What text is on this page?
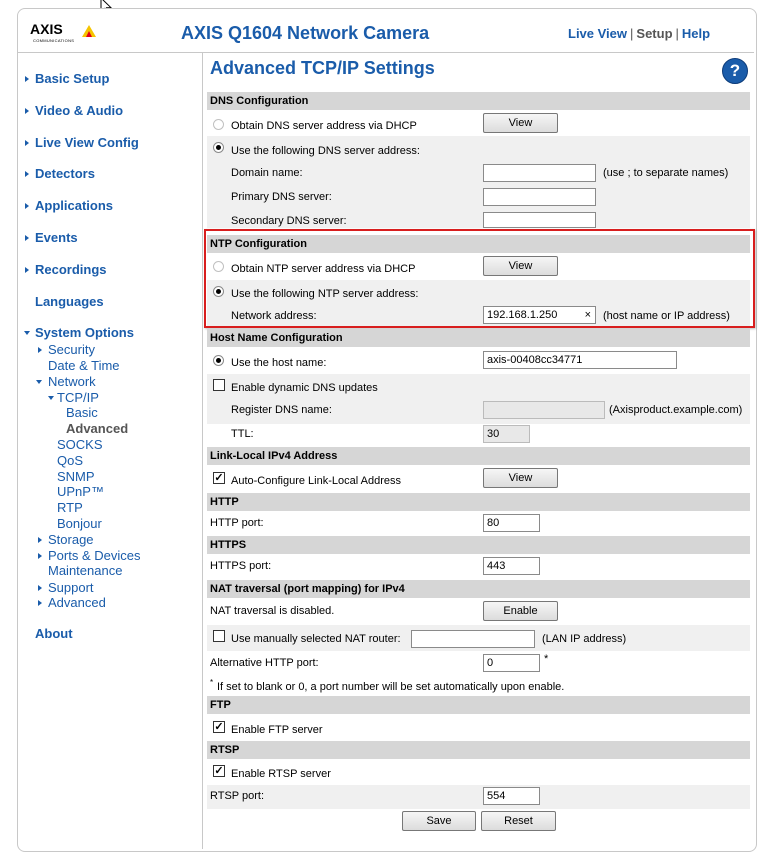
AXIS
COMMUNICATIONS	AXIS Q1604 Network Camera	Live View | Setup | Help
Basic Setup
Video & Audio
Live View Config
Detectors
Applications
Events
Recordings
Languages
System Options
Security
Date & Time
Network
TCP/IP
Basic
Advanced
SOCKS
QoS
SNMP
UPnP™
RTP
Bonjour
Storage
Ports & Devices
Maintenance
Support
Advanced
About
Advanced TCP/IP Settings	?
DNS Configuration
Obtain DNS server address via DHCP	View
Use the following DNS server address:
Domain name:	(use ; to separate names)
Primary DNS server:
Secondary DNS server:
NTP Configuration
Obtain NTP server address via DHCP	View
Use the following NTP server address:
Network address:	192.168.1.250 × (host name or IP address)
Host Name Configuration
Use the host name:	axis-00408cc34771
Enable dynamic DNS updates
Register DNS name:	(Axisproduct.example.com)
TTL:	30
Link-Local IPv4 Address
✓ Auto-Configure Link-Local Address	View
HTTP
HTTP port:	80
HTTPS
HTTPS port:	443
NAT traversal (port mapping) for IPv4
NAT traversal is disabled.	Enable
Use manually selected NAT router:	(LAN IP address)
Alternative HTTP port:	0	*
* If set to blank or 0, a port number will be set automatically upon enable.
FTP
✓ Enable FTP server
RTSP
✓ Enable RTSP server
RTSP port:	554
Save	Reset
